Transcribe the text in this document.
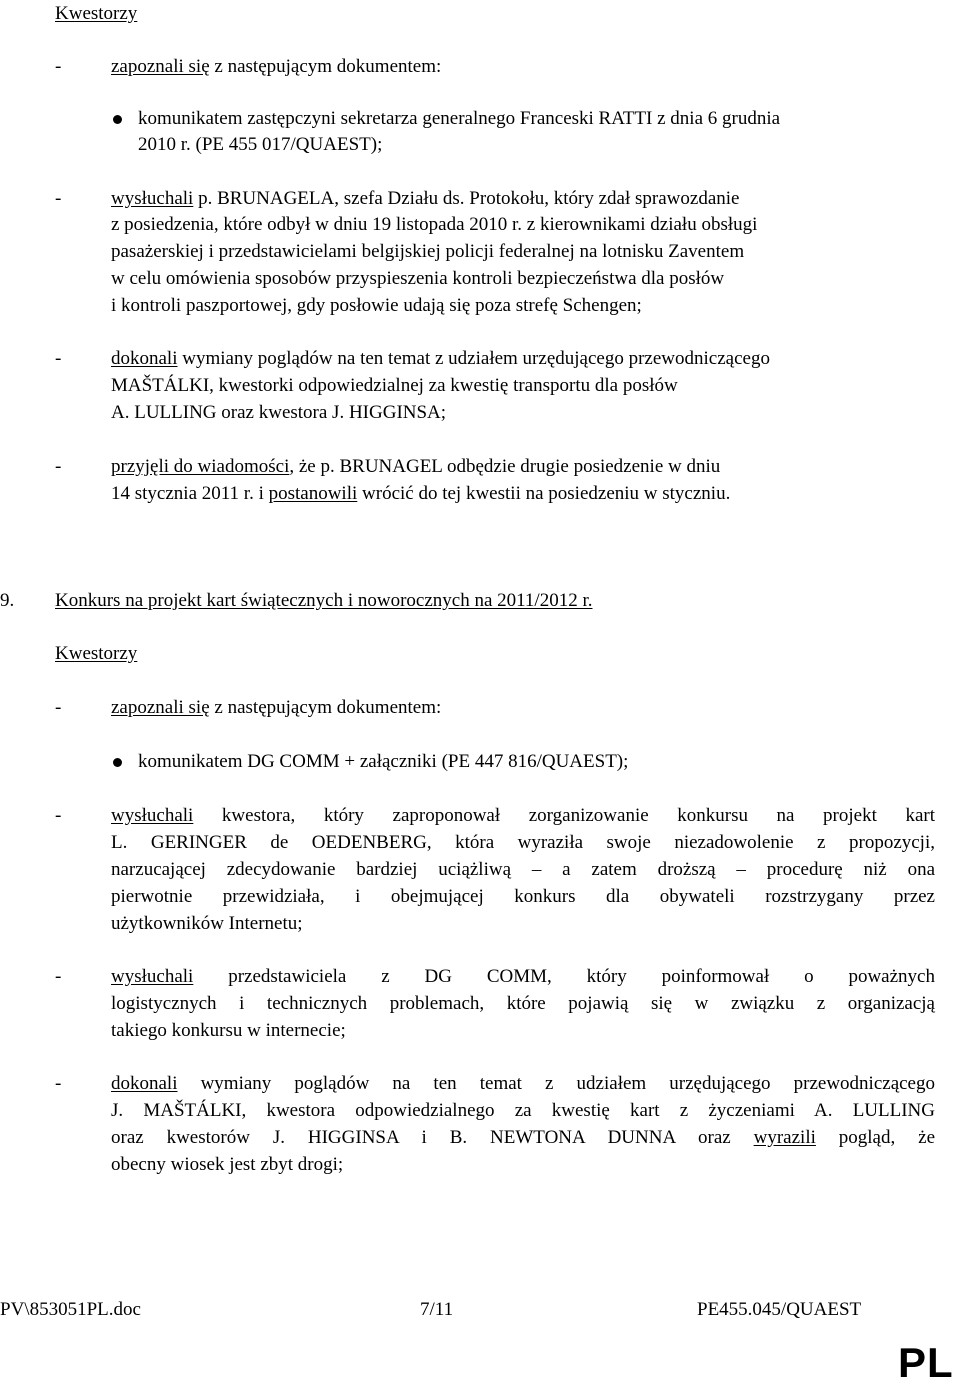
Kwestorzy
-	zapoznali się z następującym dokumentem:
komunikatem zastępczyni sekretarza generalnego Franceski RATTI z dnia 6 grudnia
2010 r. (PE 455 017/QUAEST);
-	wysłuchali p. BRUNAGELA, szefa Działu ds. Protokołu, który zdał sprawozdanie
z posiedzenia, które odbył w dniu 19 listopada 2010 r. z kierownikami działu obsługi
pasażerskiej i przedstawicielami belgijskiej policji federalnej na lotnisku Zaventem
w celu omówienia sposobów przyspieszenia kontroli bezpieczeństwa dla posłów
i kontroli paszportowej, gdy posłowie udają się poza strefę Schengen;
-	dokonali wymiany poglądów na ten temat z udziałem urzędującego przewodniczącego
MAŠTÁLKI, kwestorki odpowiedzialnej za kwestię transportu dla posłów
A. LULLING oraz kwestora J. HIGGINSA;
-	przyjęli do wiadomości, że p. BRUNAGEL odbędzie drugie posiedzenie w dniu
14 stycznia 2011 r. i postanowili wrócić do tej kwestii na posiedzeniu w styczniu.
9. Konkurs na projekt kart świątecznych i noworocznych na 2011/2012 r.
Kwestorzy
-	zapoznali się z następującym dokumentem:
komunikatem DG COMM + załączniki (PE 447 816/QUAEST);
-	wysłuchali kwestora, który zaproponował zorganizowanie konkursu na projekt kart
L. GERINGER de OEDENBERG, która wyraziła swoje niezadowolenie z propozycji,
narzucającej zdecydowanie bardziej uciążliwą – a zatem droższą – procedurę niż ona
pierwotnie przewidziała, i obejmującej konkurs dla obywateli rozstrzygany przez
użytkowników Internetu;
-	wysłuchali przedstawiciela z DG COMM, który poinformował o poważnych
logistycznych i technicznych problemach, które pojawią się w związku z organizacją
takiego konkursu w internecie;
-	dokonali wymiany poglądów na ten temat z udziałem urzędującego przewodniczącego
J. MAŠTÁLKI, kwestora odpowiedzialnego za kwestię kart z życzeniami A. LULLING
oraz kwestorów J. HIGGINSA i B. NEWTONA DUNNA oraz wyrazili pogląd, że
obecny wiosek jest zbyt drogi;
PV\853051PL.doc	7/11	PE455.045/QUAEST
PL
